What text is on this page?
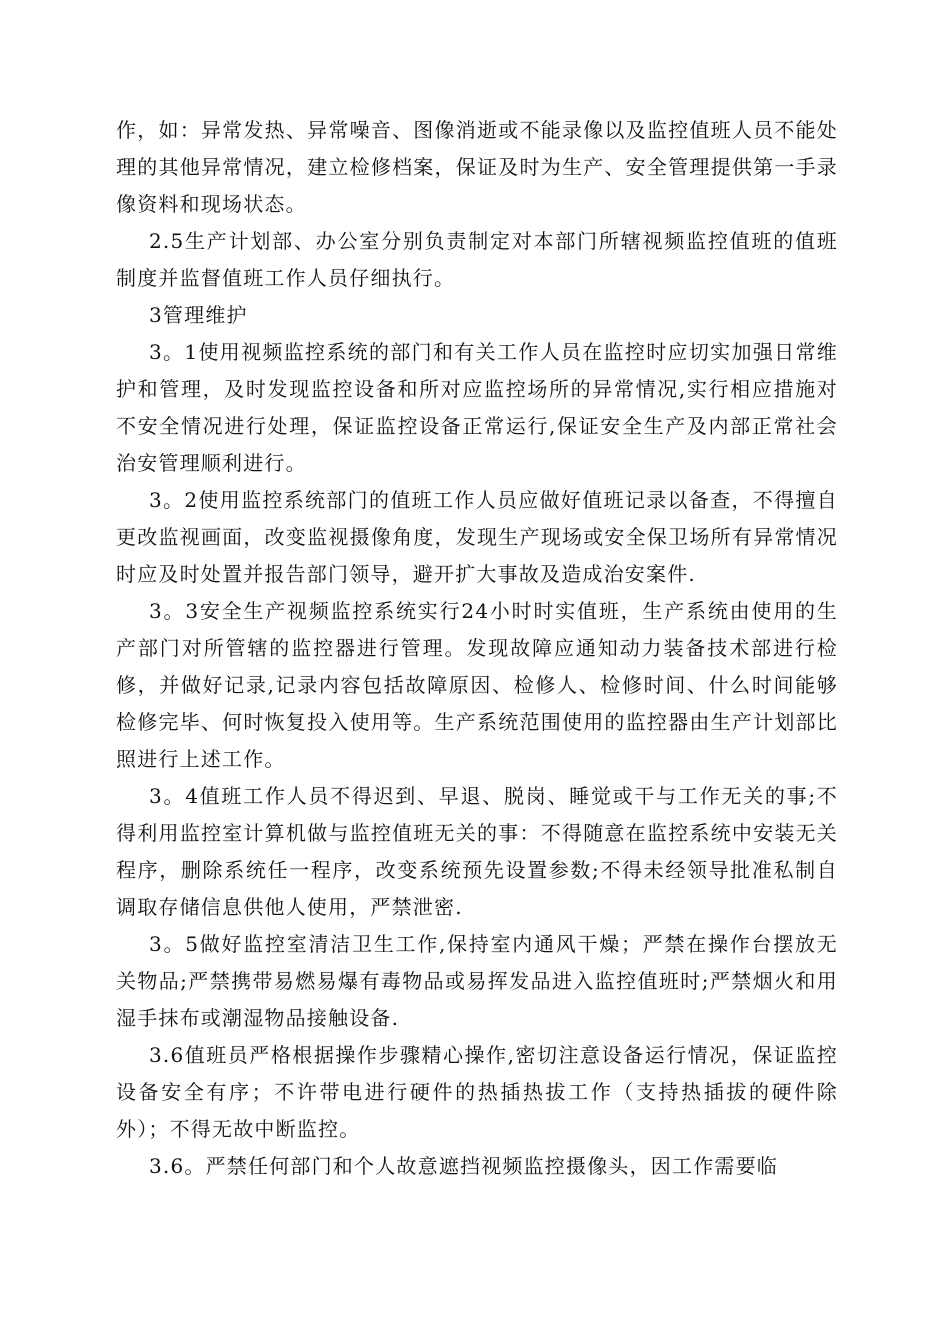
作，如：异常发热、异常噪音、图像消逝或不能录像以及监控值班人员不能处理的其他异常情况，建立检修档案，保证及时为生产、安全管理提供第一手录像资料和现场状态。

2.5生产计划部、办公室分别负责制定对本部门所辖视频监控值班的值班制度并监督值班工作人员仔细执行。

3管理维护

3。1使用视频监控系统的部门和有关工作人员在监控时应切实加强日常维护和管理，及时发现监控设备和所对应监控场所的异常情况,实行相应措施对不安全情况进行处理，保证监控设备正常运行,保证安全生产及内部正常社会治安管理顺利进行。

3。2使用监控系统部门的值班工作人员应做好值班记录以备查，不得擅自更改监视画面，改变监视摄像角度，发现生产现场或安全保卫场所有异常情况时应及时处置并报告部门领导，避开扩大事故及造成治安案件.

3。3安全生产视频监控系统实行24小时时实值班，生产系统由使用的生产部门对所管辖的监控器进行管理。发现故障应通知动力装备技术部进行检修，并做好记录,记录内容包括故障原因、检修人、检修时间、什么时间能够检修完毕、何时恢复投入使用等。生产系统范围使用的监控器由生产计划部比照进行上述工作。

3。4值班工作人员不得迟到、早退、脱岗、睡觉或干与工作无关的事;不得利用监控室计算机做与监控值班无关的事：不得随意在监控系统中安装无关程序，删除系统任一程序，改变系统预先设置参数;不得未经领导批准私制自调取存储信息供他人使用，严禁泄密.

3。5做好监控室清洁卫生工作,保持室内通风干燥；严禁在操作台摆放无关物品;严禁携带易燃易爆有毒物品或易挥发品进入监控值班时;严禁烟火和用湿手抹布或潮湿物品接触设备.

3.6值班员严格根据操作步骤精心操作,密切注意设备运行情况，保证监控设备安全有序；不许带电进行硬件的热插热拔工作（支持热插拔的硬件除外）；不得无故中断监控。

3.6。严禁任何部门和个人故意遮挡视频监控摄像头，因工作需要临
